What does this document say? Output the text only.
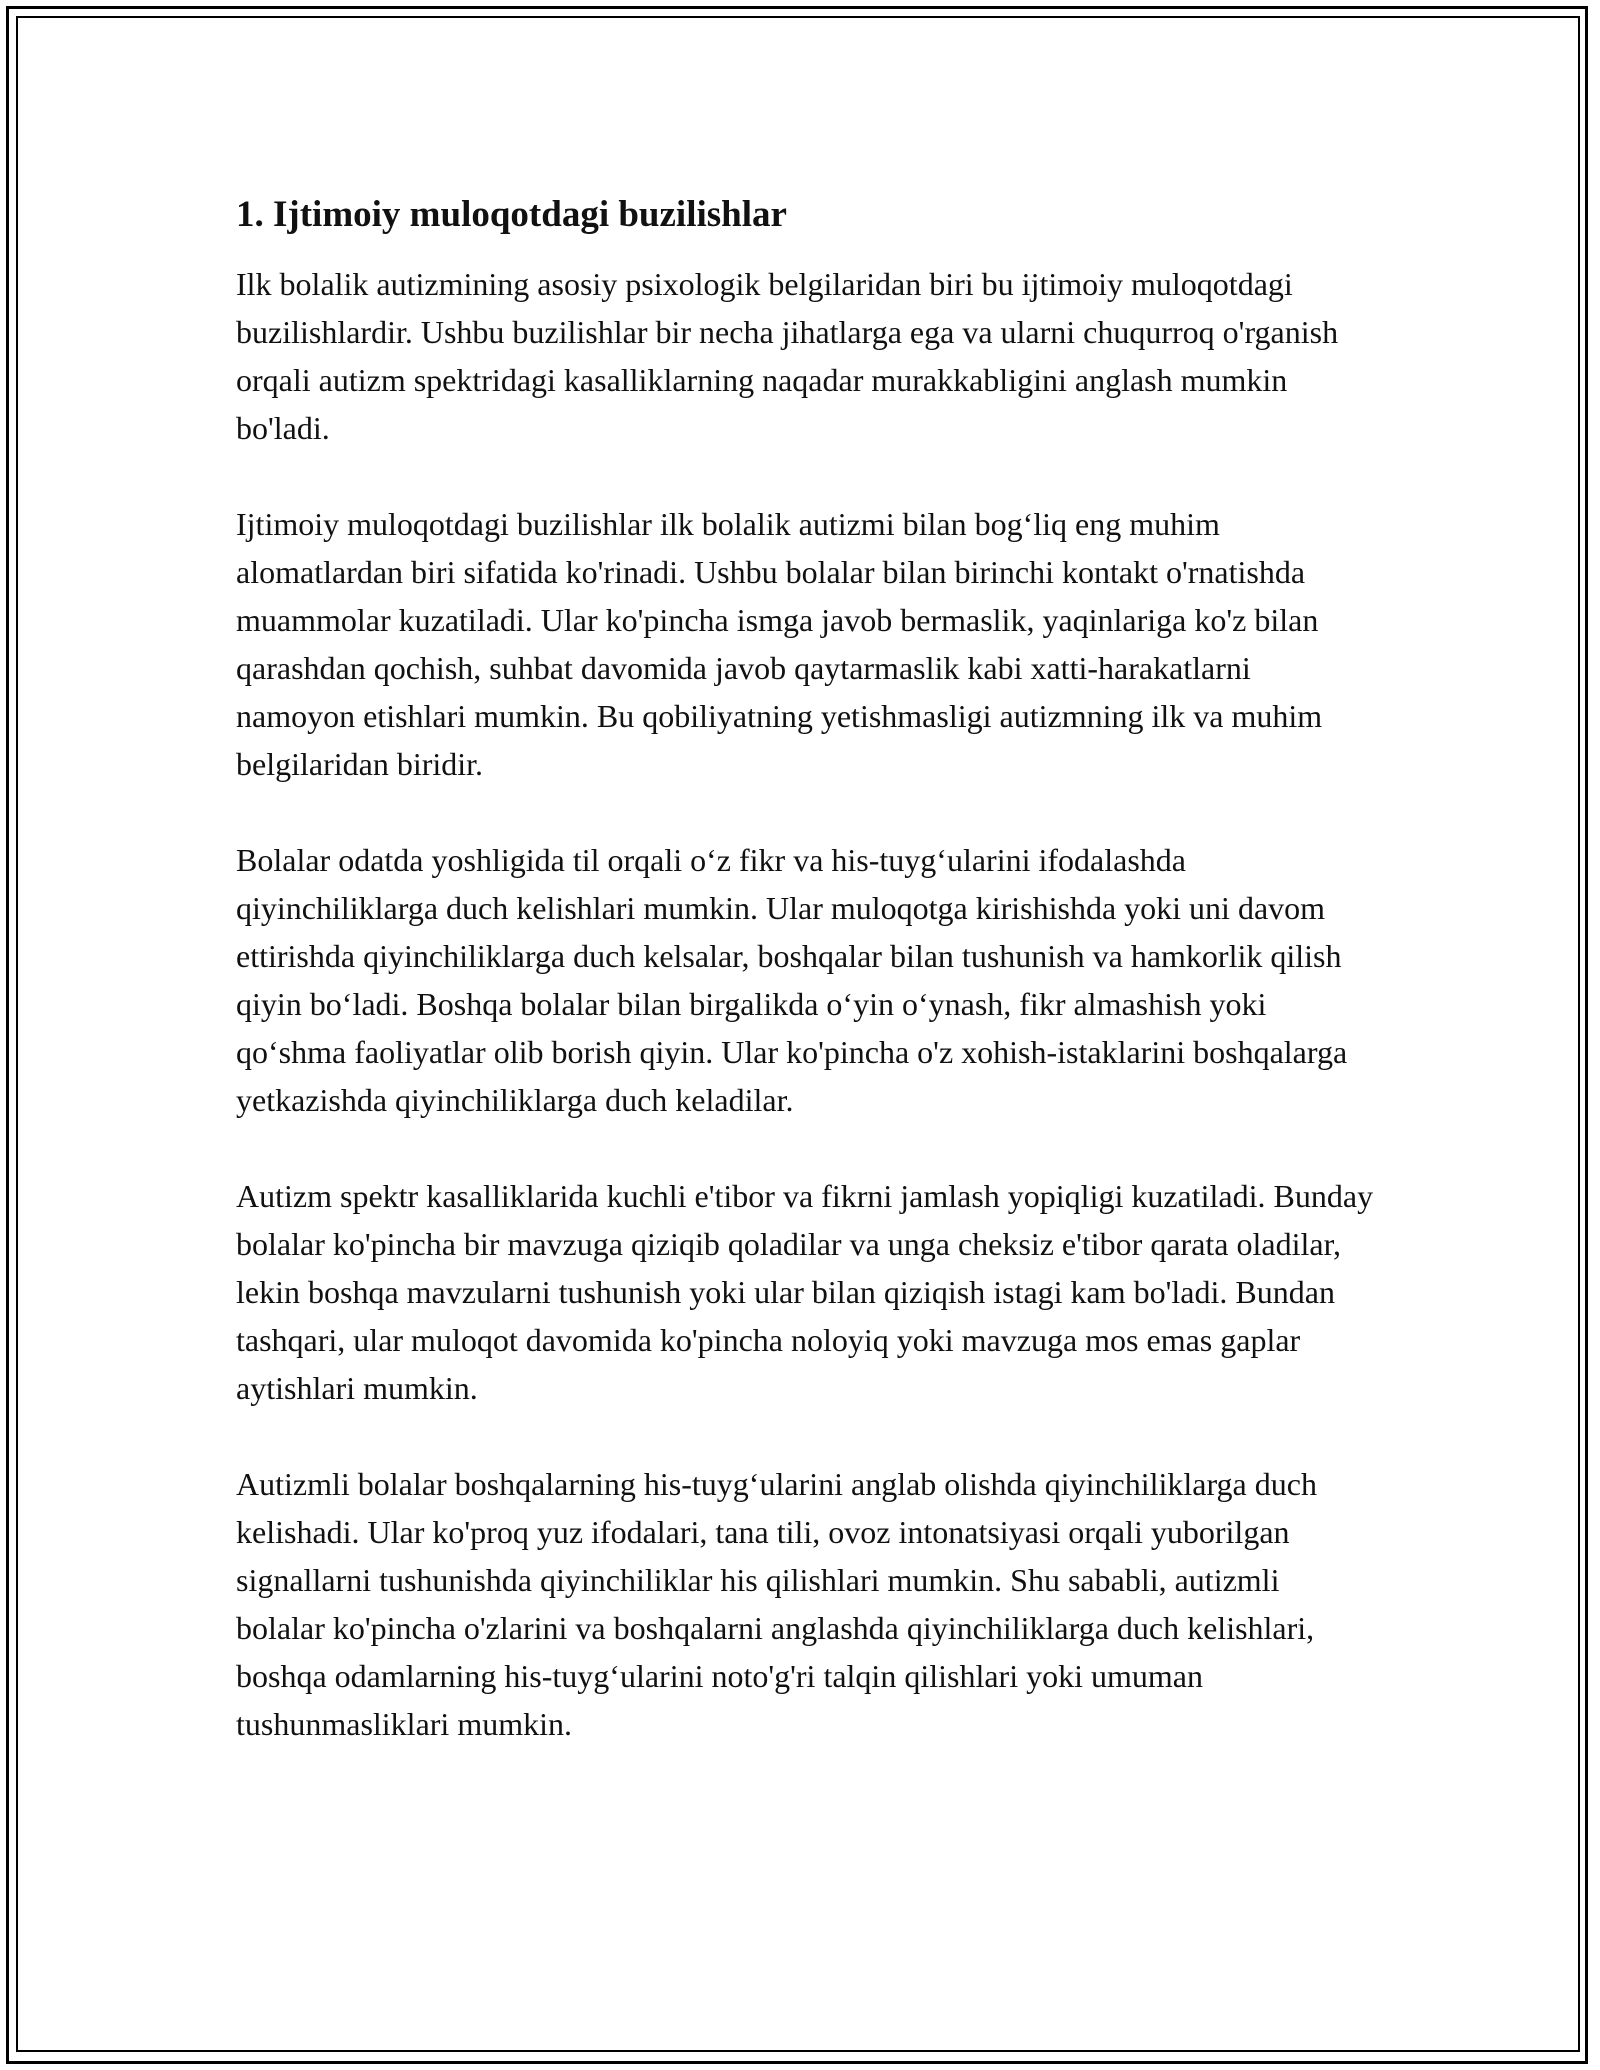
1. Ijtimoiy muloqotdagi buzilishlar

Ilk bolalik autizmining asosiy psixologik belgilaridan biri bu ijtimoiy muloqotdagi buzilishlardir. Ushbu buzilishlar bir necha jihatlarga ega va ularni chuqurroq o'rganish orqali autizm spektridagi kasalliklarning naqadar murakkabligini anglash mumkin bo'ladi.

Ijtimoiy muloqotdagi buzilishlar ilk bolalik autizmi bilan bog‘liq eng muhim alomatlardan biri sifatida ko'rinadi. Ushbu bolalar bilan birinchi kontakt o'rnatishda muammolar kuzatiladi. Ular ko'pincha ismga javob bermaslik, yaqinlariga ko'z bilan qarashdan qochish, suhbat davomida javob qaytarmaslik kabi xatti-harakatlarni namoyon etishlari mumkin. Bu qobiliyatning yetishmasligi autizmning ilk va muhim belgilaridan biridir.

Bolalar odatda yoshligida til orqali o‘z fikr va his-tuyg‘ularini ifodalashda qiyinchiliklarga duch kelishlari mumkin. Ular muloqotga kirishishda yoki uni davom ettirishda qiyinchiliklarga duch kelsalar, boshqalar bilan tushunish va hamkorlik qilish qiyin bo‘ladi. Boshqa bolalar bilan birgalikda o‘yin o‘ynash, fikr almashish yoki qo‘shma faoliyatlar olib borish qiyin. Ular ko'pincha o'z xohish-istaklarini boshqalarga yetkazishda qiyinchiliklarga duch keladilar.

Autizm spektr kasalliklarida kuchli e'tibor va fikrni jamlash yopiqligi kuzatiladi. Bunday bolalar ko'pincha bir mavzuga qiziqib qoladilar va unga cheksiz e'tibor qarata oladilar, lekin boshqa mavzularni tushunish yoki ular bilan qiziqish istagi kam bo'ladi. Bundan tashqari, ular muloqot davomida ko'pincha noloyiq yoki mavzuga mos emas gaplar aytishlari mumkin.

Autizmli bolalar boshqalarning his-tuyg‘ularini anglab olishda qiyinchiliklarga duch kelishadi. Ular ko'proq yuz ifodalari, tana tili, ovoz intonatsiyasi orqali yuborilgan signallarni tushunishda qiyinchiliklar his qilishlari mumkin. Shu sababli, autizmli bolalar ko'pincha o'zlarini va boshqalarni anglashda qiyinchiliklarga duch kelishlari, boshqa odamlarning his-tuyg‘ularini noto'g'ri talqin qilishlari yoki umuman tushunmasliklari mumkin.
